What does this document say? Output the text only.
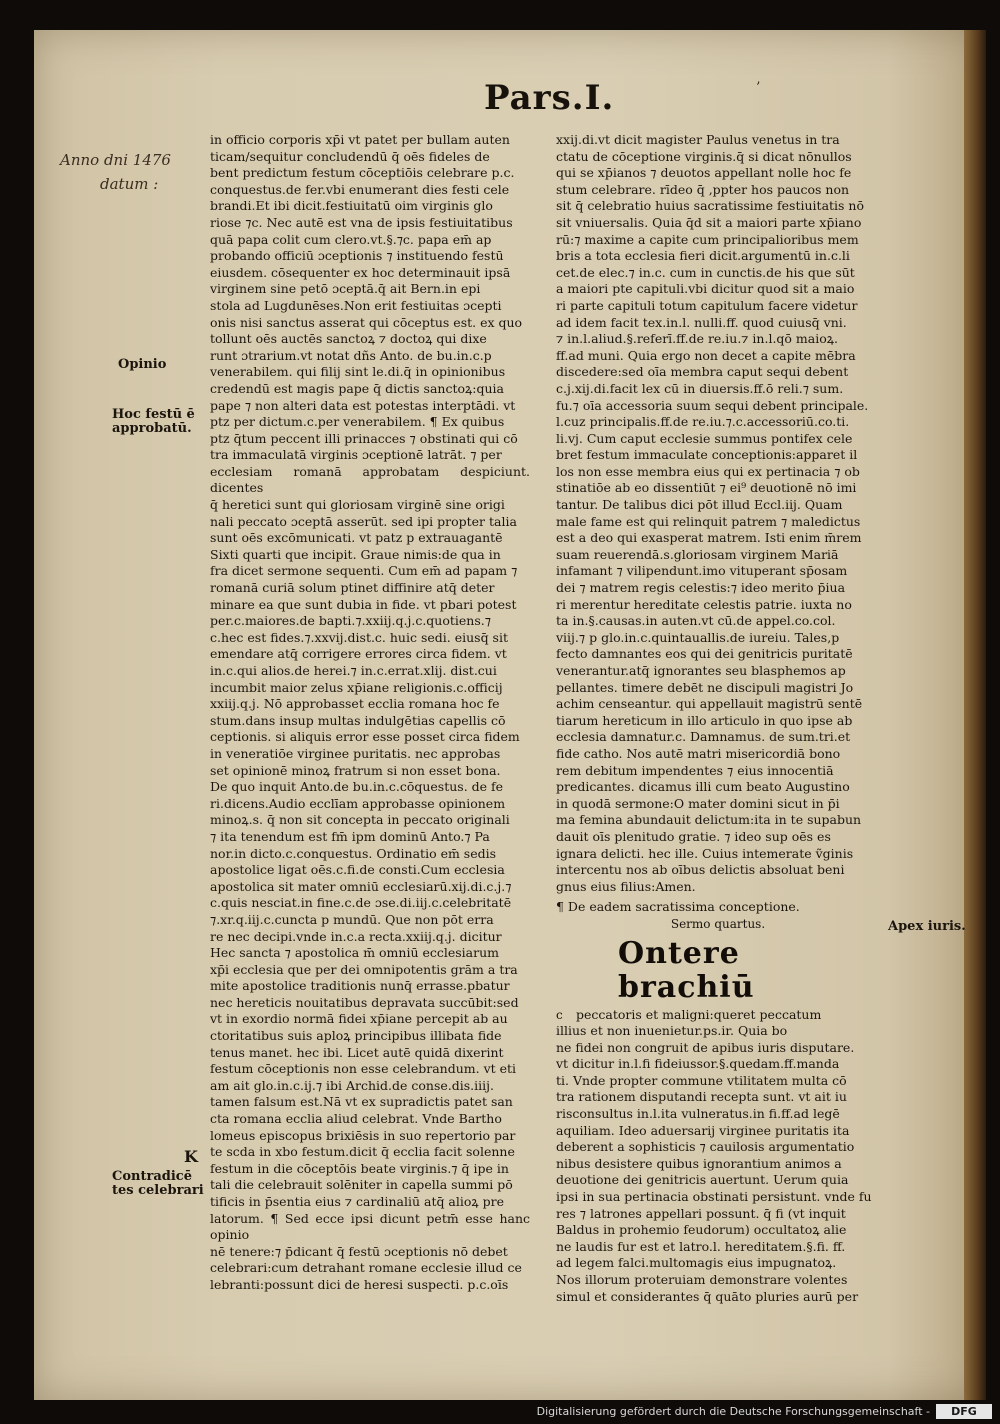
Pars.I.	’
Anno dni 1476
datum :
Opinio
Hoc festū ē
approbatū.
K
Contradicē
tes celebrari
Apex iuris.

in officio corporis xp̄i vt patet per bullam auten

ticam/sequitur concludendū q̄ oēs fideles de

bent predictum festum cōceptiōis celebrare p.c.

conquestus.de fer.vbi enumerant dies festi cele

brandi.Et ibi dicit.festiuitatū oim virginis glo

riose ⁊c. Nec autē est vna de ipsis festiuitatibus

quā papa colit cum clero.vt.§.⁊c. papa em̄ ap

probando officiū ɔceptionis ⁊ instituendo festū

eiusdem. cōsequenter ex hoc determinauit ipsā

virginem sine petō ɔceptā.q̄ ait Bern.in epi

stola ad Lugdunēses.Non erit festiuitas ɔcepti

onis nisi sanctus asserat qui cōceptus est. ex quo

tollunt oēs auctēs sanctoꝝ ⁊ doctoꝝ qui dixe

runt ɔtrarium.vt notat dñs Anto. de bu.in.c.p

venerabilem. qui filij sint le.di.q̄ in opinionibus

credendū est magis pape q̄ dictis sanctoꝝ:quia

pape ⁊ non alteri data est potestas interptādi. vt

ptz per dictum.c.per venerabilem. ¶ Ex quibus

ptz q̄tum peccent illi prinacces ⁊ obstinati qui cō

tra immaculatā virginis ɔceptionē latrāt. ⁊ per

ecclesiam romanā approbatam despiciunt. dicentes

q̄ heretici sunt qui gloriosam virginē sine origi

nali peccato ɔceptā asserūt. sed ipi propter talia

sunt oēs excōmunicati. vt patz p extrauagantē

Sixti quarti que incipit. Graue nimis:de qua in

fra dicet sermone sequenti. Cum em̄ ad papam ⁊

romanā curiā solum ptinet diffinire atq̄ deter

minare ea que sunt dubia in fide. vt pbari potest

per.c.maiores.de bapti.⁊.xxiij.q.j.c.quotiens.⁊

c.hec est fides.⁊.xxvij.dist.c. huic sedi. eiusq̄ sit

emendare atq̄ corrigere errores circa fidem. vt

in.c.qui alios.de herei.⁊ in.c.errat.xlij. dist.cui

incumbit maior zelus xp̄iane religionis.c.officij

xxiij.q.j. Nō approbasset ecclia romana hoc fe

stum.dans insup multas indulgētias capellis cō

ceptionis. si aliquis error esse posset circa fidem

in veneratiōe virginee puritatis. nec approbas

set opinionē minoꝝ fratrum si non esset bona.

De quo inquit Anto.de bu.in.c.cōquestus. de fe

ri.dicens.Audio ecclīam approbasse opinionem

minoꝝ.s. q̄ non sit concepta in peccato originali

⁊ ita tenendum est fm̄ ipm dominū Anto.⁊ Pa

nor.in dicto.c.conquestus. Ordinatio em̄ sedis

apostolice ligat oēs.c.fi.de consti.Cum ecclesia

apostolica sit mater omniū ecclesiarū.xij.di.c.j.⁊

c.quis nesciat.in fine.c.de ɔse.di.iij.c.celebritatē

⁊.xr.q.iij.c.cuncta p mundū. Que non pōt erra

re nec decipi.vnde in.c.a recta.xxiij.q.j. dicitur

Hec sancta ⁊ apostolica m̄ omniū ecclesiarum

xp̄i ecclesia que per dei omnipotentis grām a tra

mite apostolice traditionis nunq̄ errasse.pbatur

nec hereticis nouitatibus depravata succūbit:sed

vt in exordio normā fidei xp̄iane percepit ab au

ctoritatibus suis aploꝝ principibus illibata fide

tenus manet. hec ibi. Licet autē quidā dixerint

festum cōceptionis non esse celebrandum. vt eti

am ait glo.in.c.ij.⁊ ibi Archid.de conse.dis.iiij.

tamen falsum est.Nā vt ex supradictis patet san

cta romana ecclia aliud celebrat. Vnde Bartho

lomeus episcopus brixiēsis in suo repertorio par

te scda in xbo festum.dicit q̄ ecclia facit solenne

festum in die cōceptōis beate virginis.⁊ q̄ ipe in

tali die celebrauit solēniter in capella summi pō

tificis in p̄sentia eius ⁊ cardinaliū atq̄ alioꝝ pre

latorum. ¶ Sed ecce ipsi dicunt petm̄ esse hanc opinio

nē tenere:⁊ p̄dicant q̄ festū ɔceptionis nō debet

celebrari:cum detrahant romane ecclesie illud ce

lebranti:possunt dici de heresi suspecti. p.c.oīs

xxij.di.vt dicit magister Paulus venetus in tra

ctatu de cōceptione virginis.q̄ si dicat nōnullos

qui se xp̄ianos ⁊ deuotos appellant nolle hoc fe

stum celebrare. rīdeo q̄ ,ppter hos paucos non

sit q̄ celebratio huius sacratissime festiuitatis nō

sit vniuersalis. Quia q̄d sit a maiori parte xp̄iano

rū:⁊ maxime a capite cum principalioribus mem

bris a tota ecclesia fieri dicit.argumentū in.c.li

cet.de elec.⁊ in.c. cum in cunctis.de his que sūt

a maiori pte capituli.vbi dicitur quod sit a maio

ri parte capituli totum capitulum facere videtur

ad idem facit tex.in.l. nulli.ff. quod cuiusq̄ vni.

⁊ in.l.aliud.§.referī.ff.de re.iu.⁊ in.l.qō maioꝝ.

ff.ad muni. Quia ergo non decet a capite mēbra

discedere:sed oīa membra caput sequi debent

c.j.xij.di.facit lex cū in diuersis.ff.ō reli.⁊ sum.

fu.⁊ oīa accessoria suum sequi debent principale.

l.cuz principalis.ff.de re.iu.⁊.c.accessoriū.co.ti.

li.vj. Cum caput ecclesie summus pontifex cele

bret festum immaculate conceptionis:apparet il

los non esse membra eius qui ex pertinacia ⁊ ob

stinatiōe ab eo dissentiūt ⁊ ei⁹ deuotionē nō imi

tantur. De talibus dici pōt illud Eccl.iij. Quam

male fame est qui relinquit patrem ⁊ maledictus

est a deo qui exasperat matrem. Isti enim m̄rem

suam reuerendā.s.gloriosam virginem Mariā

infamant ⁊ vilipendunt.imo vituperant sp̄osam

dei ⁊ matrem regis celestis:⁊ ideo merito p̄iua

ri merentur hereditate celestis patrie. iuxta no

ta in.§.causas.in auten.vt cū.de appel.co.col.

viij.⁊ p glo.in.c.quintauallis.de iureiu. Tales,p

fecto damnantes eos qui dei genitricis puritatē

venerantur.atq̄ ignorantes seu blasphemos ap

pellantes. timere debēt ne discipuli magistri Jo

achim censeantur. qui appellauit magistrū sentē

tiarum hereticum in illo articulo in quo ipse ab

ecclesia damnatur.c. Damnamus. de sum.tri.et

fide catho. Nos autē matri misericordiā bono

rem debitum impendentes ⁊ eius innocentiā

predicantes. dicamus illi cum beato Augustino

in quodā sermone:O mater domini sicut in p̄i

ma femina abundauit delictum:ita in te supabun

dauit oīs plenitudo gratie. ⁊ ideo sup oēs es

ignara delicti. hec ille. Cuius intemerate ṽginis

intercentu nos ab oībus delictis absoluat beni

gnus eius filius:Amen.

¶ De eadem sacratissima conceptione.

Sermo quartus.

Ontere brachiū

c peccatoris et maligni:queret peccatum

illius et non inuenietur.ps.ir. Quia bo

ne fidei non congruit de apibus iuris disputare.

vt dicitur in.l.fi fideiussor.§.quedam.ff.manda

ti. Vnde propter commune vtilitatem multa cō

tra rationem disputandi recepta sunt. vt ait iu

risconsultus in.l.ita vulneratus.in fi.ff.ad legē

aquiliam. Ideo aduersarij virginee puritatis ita

deberent a sophisticis ⁊ cauilosis argumentatio

nibus desistere quibus ignorantium animos a

deuotione dei genitricis auertunt. Uerum quia

ipsi in sua pertinacia obstinati persistunt. vnde fu

res ⁊ latrones appellari possunt. q̄ fi (vt inquit

Baldus in prohemio feudorum) occultatoꝝ alie

ne laudis fur est et latro.l. hereditatem.§.fi. ff.

ad legem falci.multomagis eius impugnatoꝝ.

Nos illorum proteruiam demonstrare volentes

simul et considerantes q̄ quāto pluries aurū per

Digitalisierung gefördert durch die Deutsche Forschungsgemeinschaft -	DFG
